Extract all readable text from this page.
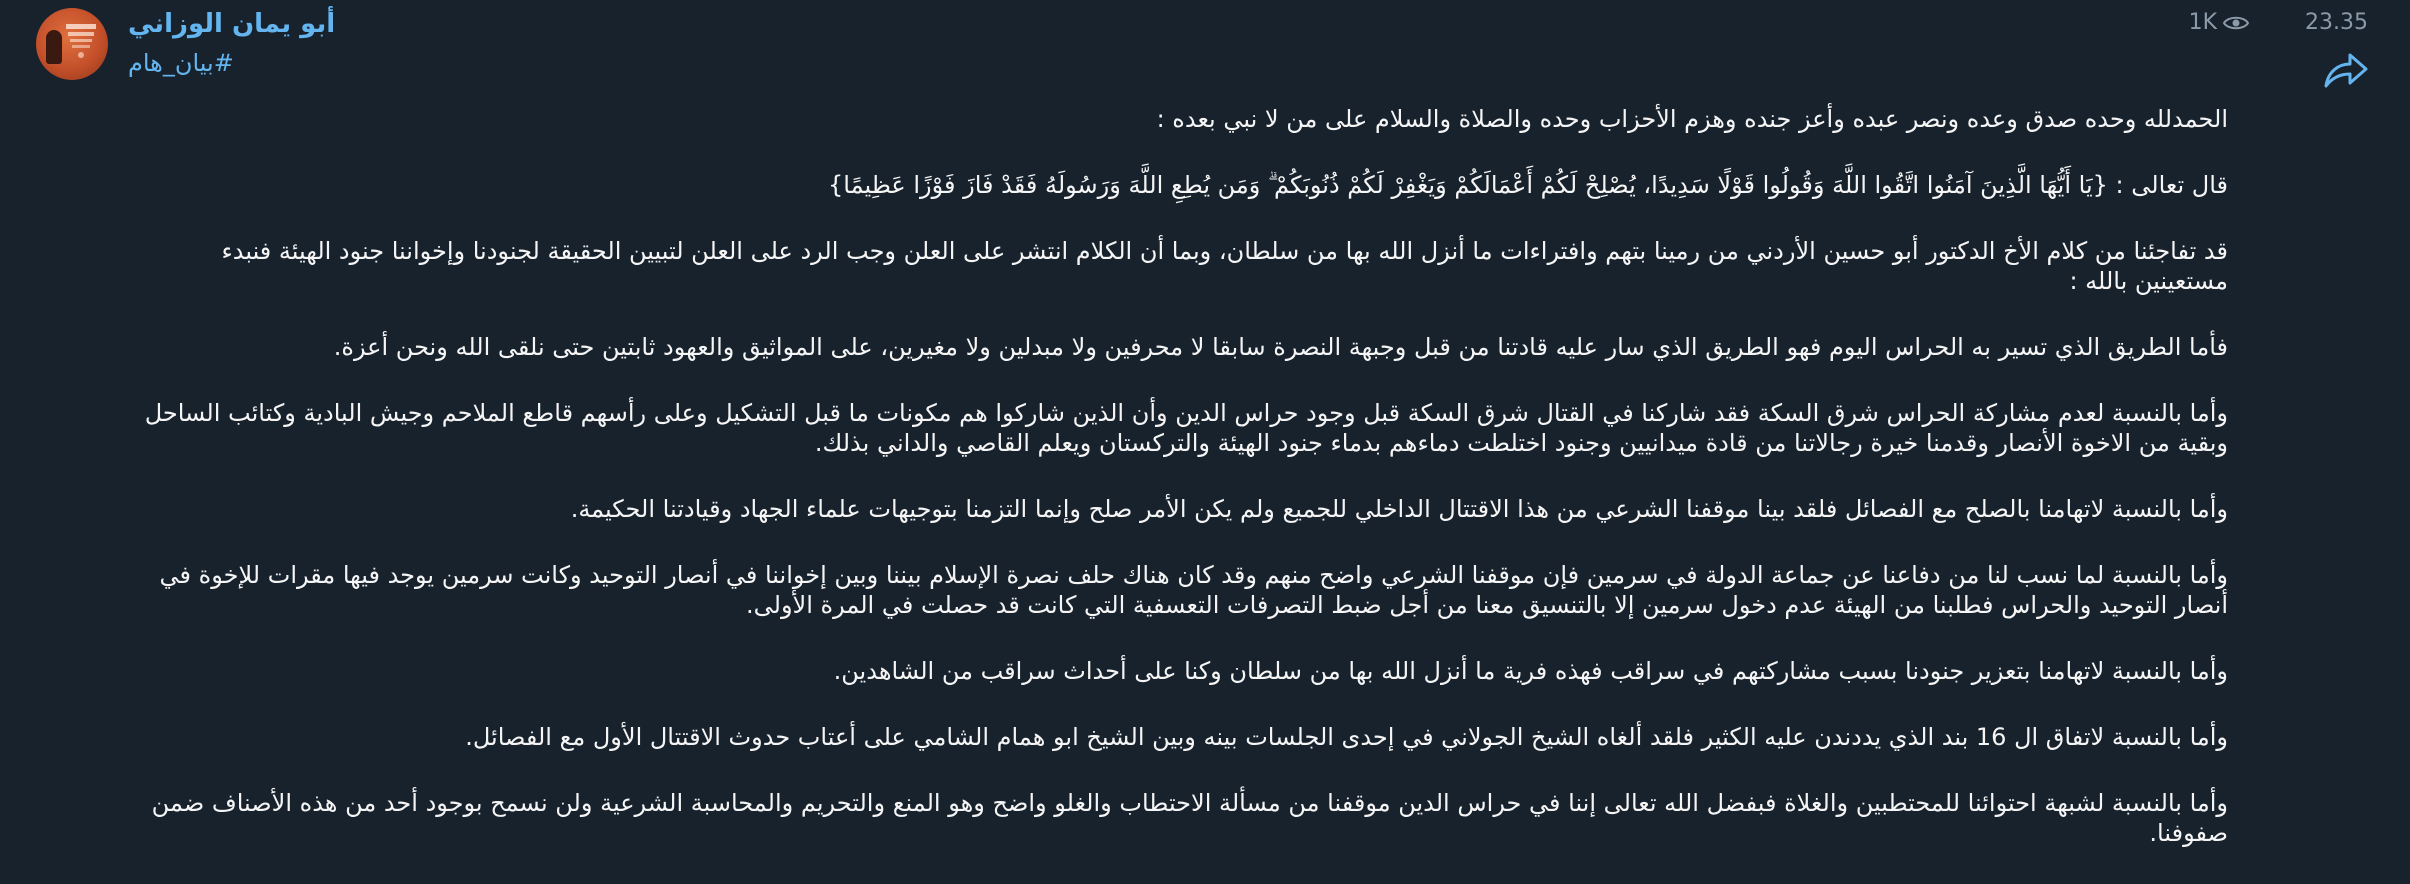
أبو يمان الوزاني
#بيان_هام
1K	23.35

الحمدلله وحده صدق وعده ونصر عبده وأعز جنده وهزم الأحزاب وحده والصلاة والسلام على من لا نبي بعده :

قال تعالى : {يَا أَيُّهَا الَّذِينَ آمَنُوا اتَّقُوا اللَّهَ وَقُولُوا قَوْلًا سَدِيدًا، يُصْلِحْ لَكُمْ أَعْمَالَكُمْ وَيَغْفِرْ لَكُمْ ذُنُوبَكُمْ ۗ وَمَن يُطِعِ اللَّهَ وَرَسُولَهُ فَقَدْ فَازَ فَوْزًا عَظِيمًا}

قد تفاجئنا من كلام الأخ الدكتور أبو حسين الأردني من رمينا بتهم وافتراءات ما أنزل الله بها من سلطان، وبما أن الكلام انتشر على العلن وجب الرد على العلن لتبيين الحقيقة لجنودنا وإخواننا جنود الهيئة فنبدء مستعينين بالله :

فأما الطريق الذي تسير به الحراس اليوم فهو الطريق الذي سار عليه قادتنا من قبل وجبهة النصرة سابقا لا محرفين ولا مبدلين ولا مغيرين، على المواثيق والعهود ثابتين حتى نلقى الله ونحن أعزة.

وأما بالنسبة لعدم مشاركة الحراس شرق السكة فقد شاركنا في القتال شرق السكة قبل وجود حراس الدين وأن الذين شاركوا هم مكونات ما قبل التشكيل وعلى رأسهم قاطع الملاحم وجيش البادية وكتائب الساحل وبقية من الاخوة الأنصار وقدمنا خيرة رجالاتنا من قادة ميدانيين وجنود اختلطت دماءهم بدماء جنود الهيئة والتركستان ويعلم القاصي والداني بذلك.

وأما بالنسبة لاتهامنا بالصلح مع الفصائل فلقد بينا موقفنا الشرعي من هذا الاقتتال الداخلي للجميع ولم يكن الأمر صلح وإنما التزمنا بتوجيهات علماء الجهاد وقيادتنا الحكيمة.

وأما بالنسبة لما نسب لنا من دفاعنا عن جماعة الدولة في سرمين فإن موقفنا الشرعي واضح منهم وقد كان هناك حلف نصرة الإسلام بيننا وبين إخواننا في أنصار التوحيد وكانت سرمين يوجد فيها مقرات للإخوة في أنصار التوحيد والحراس فطلبنا من الهيئة عدم دخول سرمين إلا بالتنسيق معنا من أجل ضبط التصرفات التعسفية التي كانت قد حصلت في المرة الأولى.

وأما بالنسبة لاتهامنا بتعزير جنودنا بسبب مشاركتهم في سراقب فهذه فرية ما أنزل الله بها من سلطان وكنا على أحداث سراقب من الشاهدين.

وأما بالنسبة لاتفاق ال 16 بند الذي يددندن عليه الكثير فلقد ألغاه الشيخ الجولاني في إحدى الجلسات بينه وبين الشيخ ابو همام الشامي على أعتاب حدوث الاقتتال الأول مع الفصائل.

وأما بالنسبة لشبهة احتوائنا للمحتطبين والغلاة فبفضل الله تعالى إننا في حراس الدين موقفنا من مسألة الاحتطاب والغلو واضح وهو المنع والتحريم والمحاسبة الشرعية ولن نسمح بوجود أحد من هذه الأصناف ضمن صفوفنا.
